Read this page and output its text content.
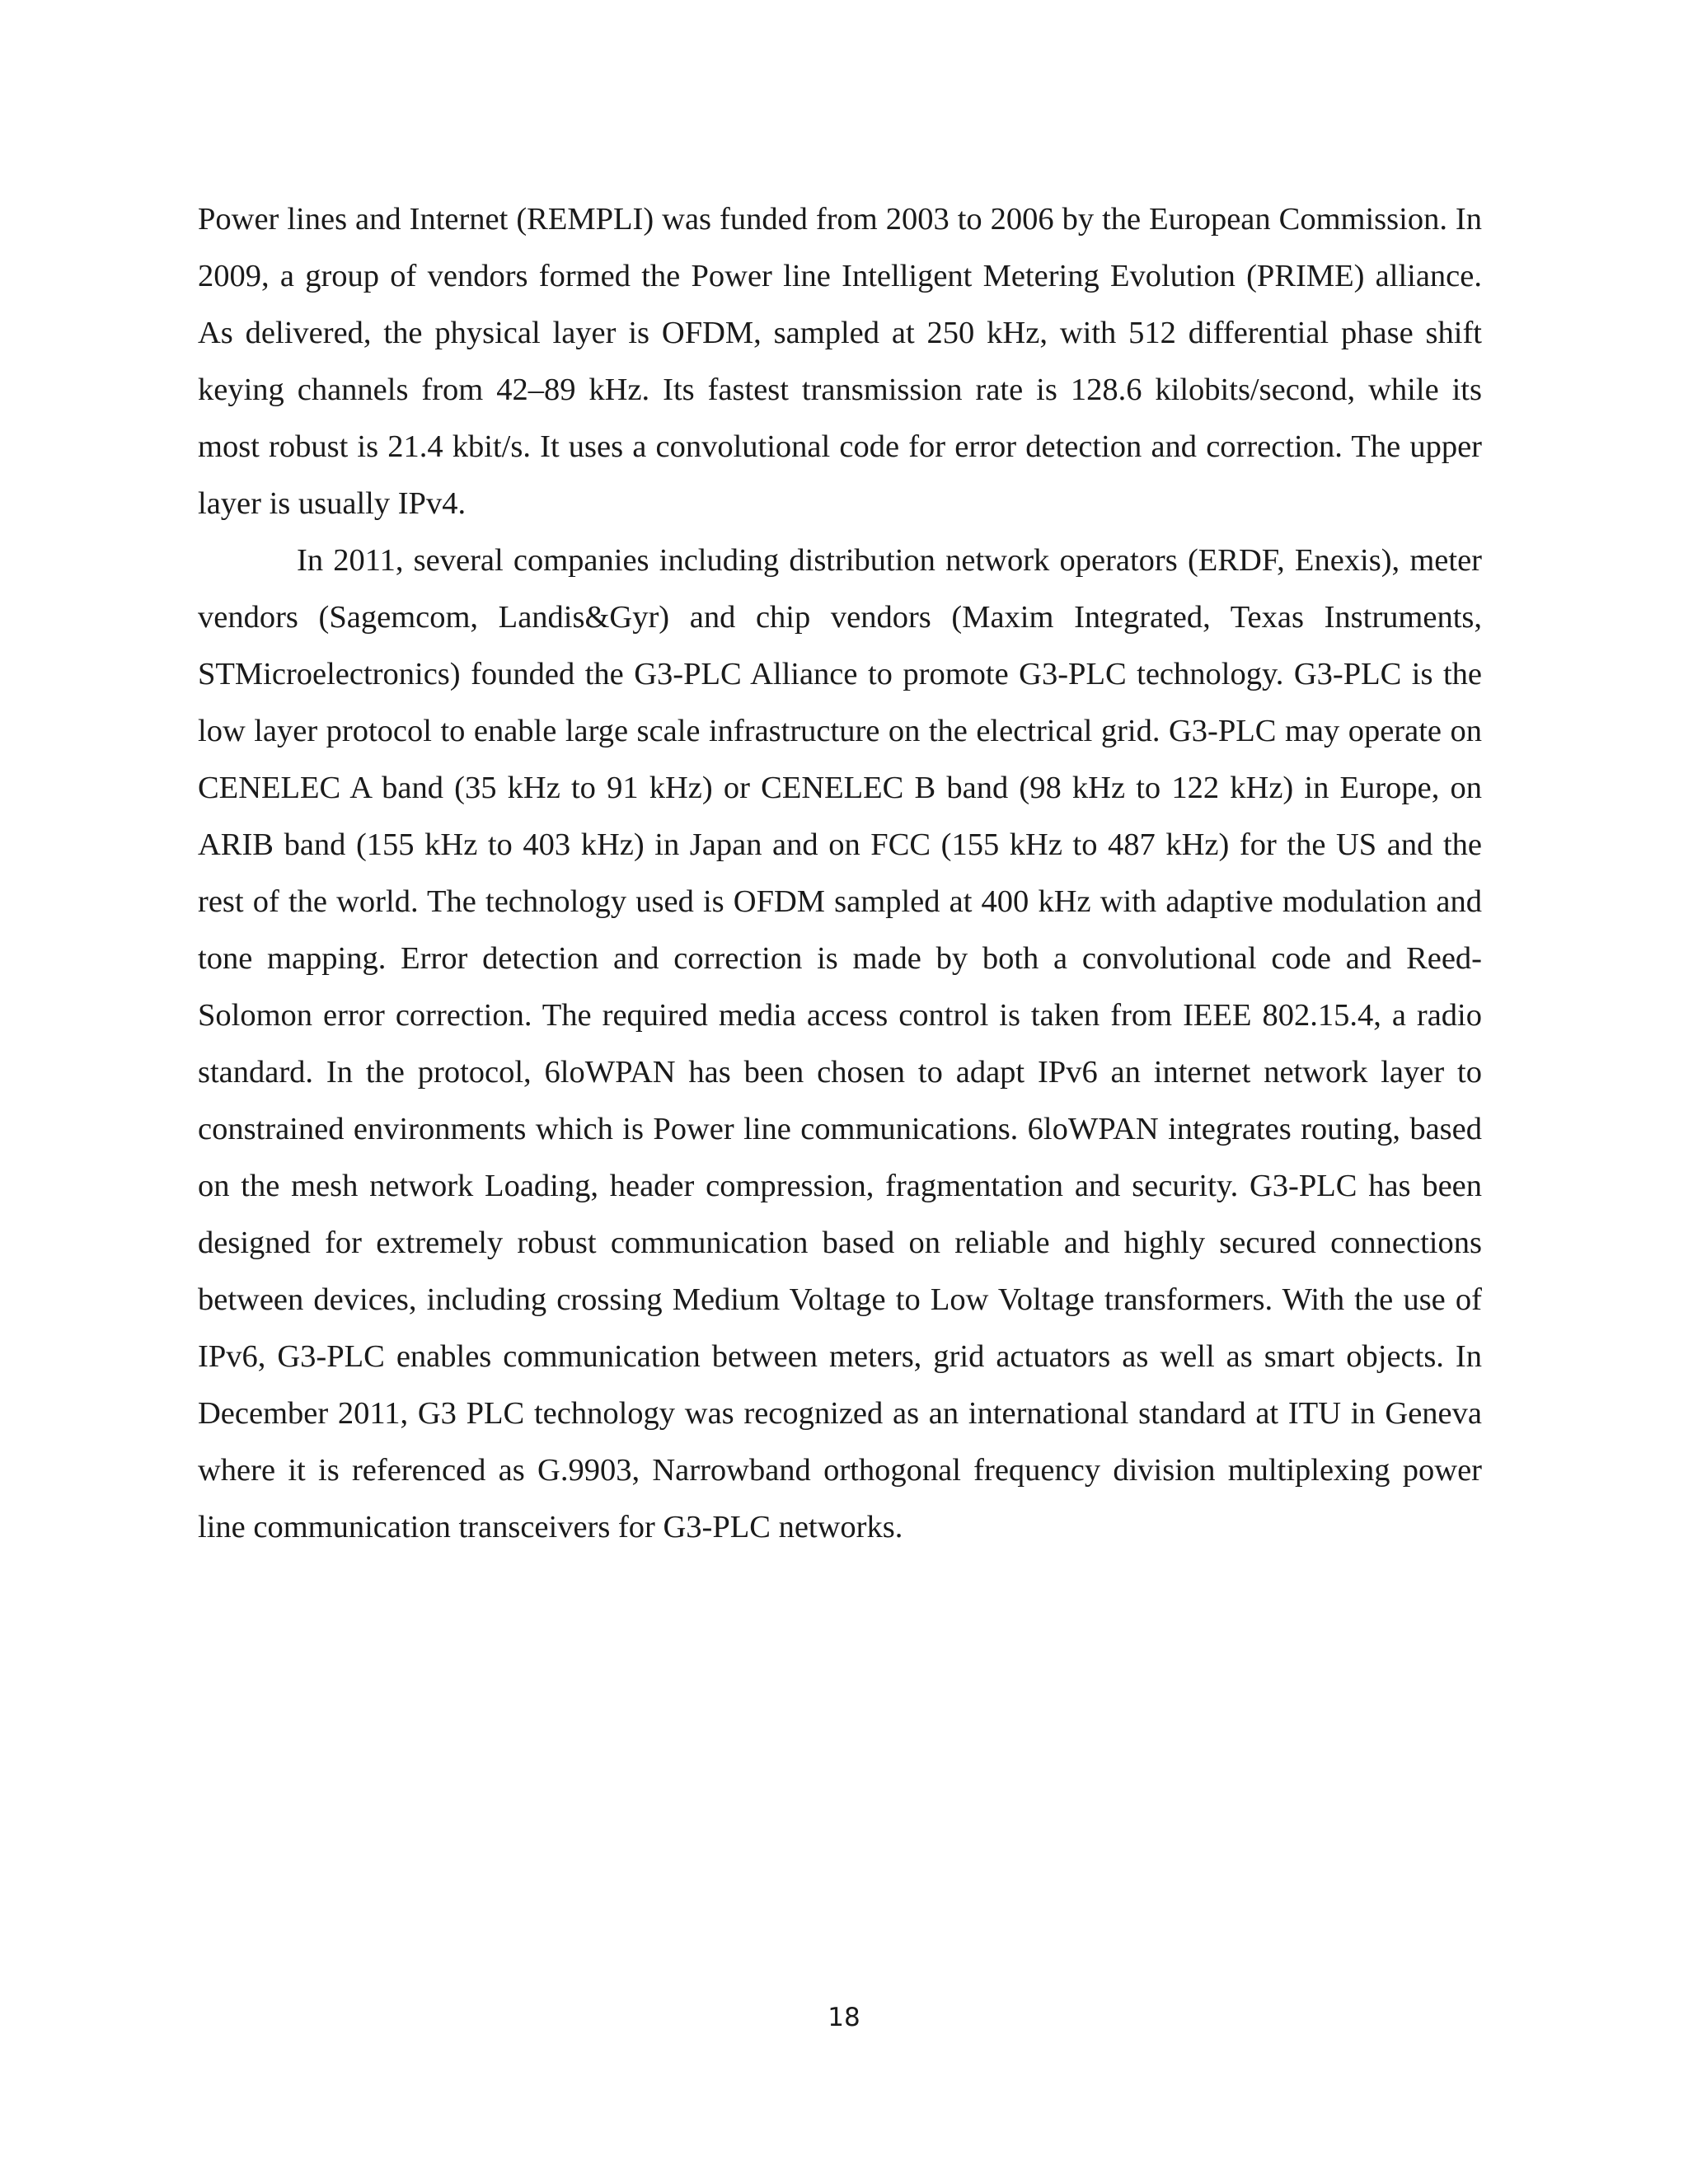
Power lines and Internet (REMPLI) was funded from 2003 to 2006 by the European Commission. In 2009, a group of vendors formed the Power line Intelligent Metering Evolution (PRIME) alliance. As delivered, the physical layer is OFDM, sampled at 250 kHz, with 512 differential phase shift keying channels from 42–89 kHz. Its fastest transmission rate is 128.6 kilobits/second, while its most robust is 21.4 kbit/s. It uses a convolutional code for error detection and correction. The upper layer is usually IPv4.

In 2011, several companies including distribution network operators (ERDF, Enexis), meter vendors (Sagemcom, Landis&Gyr) and chip vendors (Maxim Integrated, Texas Instruments, STMicroelectronics) founded the G3-PLC Alliance to promote G3-PLC technology. G3-PLC is the low layer protocol to enable large scale infrastructure on the electrical grid. G3-PLC may operate on CENELEC A band (35 kHz to 91 kHz) or CENELEC B band (98 kHz to 122 kHz) in Europe, on ARIB band (155 kHz to 403 kHz) in Japan and on FCC (155 kHz to 487 kHz) for the US and the rest of the world. The technology used is OFDM sampled at 400 kHz with adaptive modulation and tone mapping. Error detection and correction is made by both a convolutional code and Reed-Solomon error correction. The required media access control is taken from IEEE 802.15.4, a radio standard. In the protocol, 6loWPAN has been chosen to adapt IPv6 an internet network layer to constrained environments which is Power line communications. 6loWPAN integrates routing, based on the mesh network Loading, header compression, fragmentation and security. G3-PLC has been designed for extremely robust communication based on reliable and highly secured connections between devices, including crossing Medium Voltage to Low Voltage transformers. With the use of IPv6, G3-PLC enables communication between meters, grid actuators as well as smart objects. In December 2011, G3 PLC technology was recognized as an international standard at ITU in Geneva where it is referenced as G.9903, Narrowband orthogonal frequency division multiplexing power line communication transceivers for G3-PLC networks.

18
